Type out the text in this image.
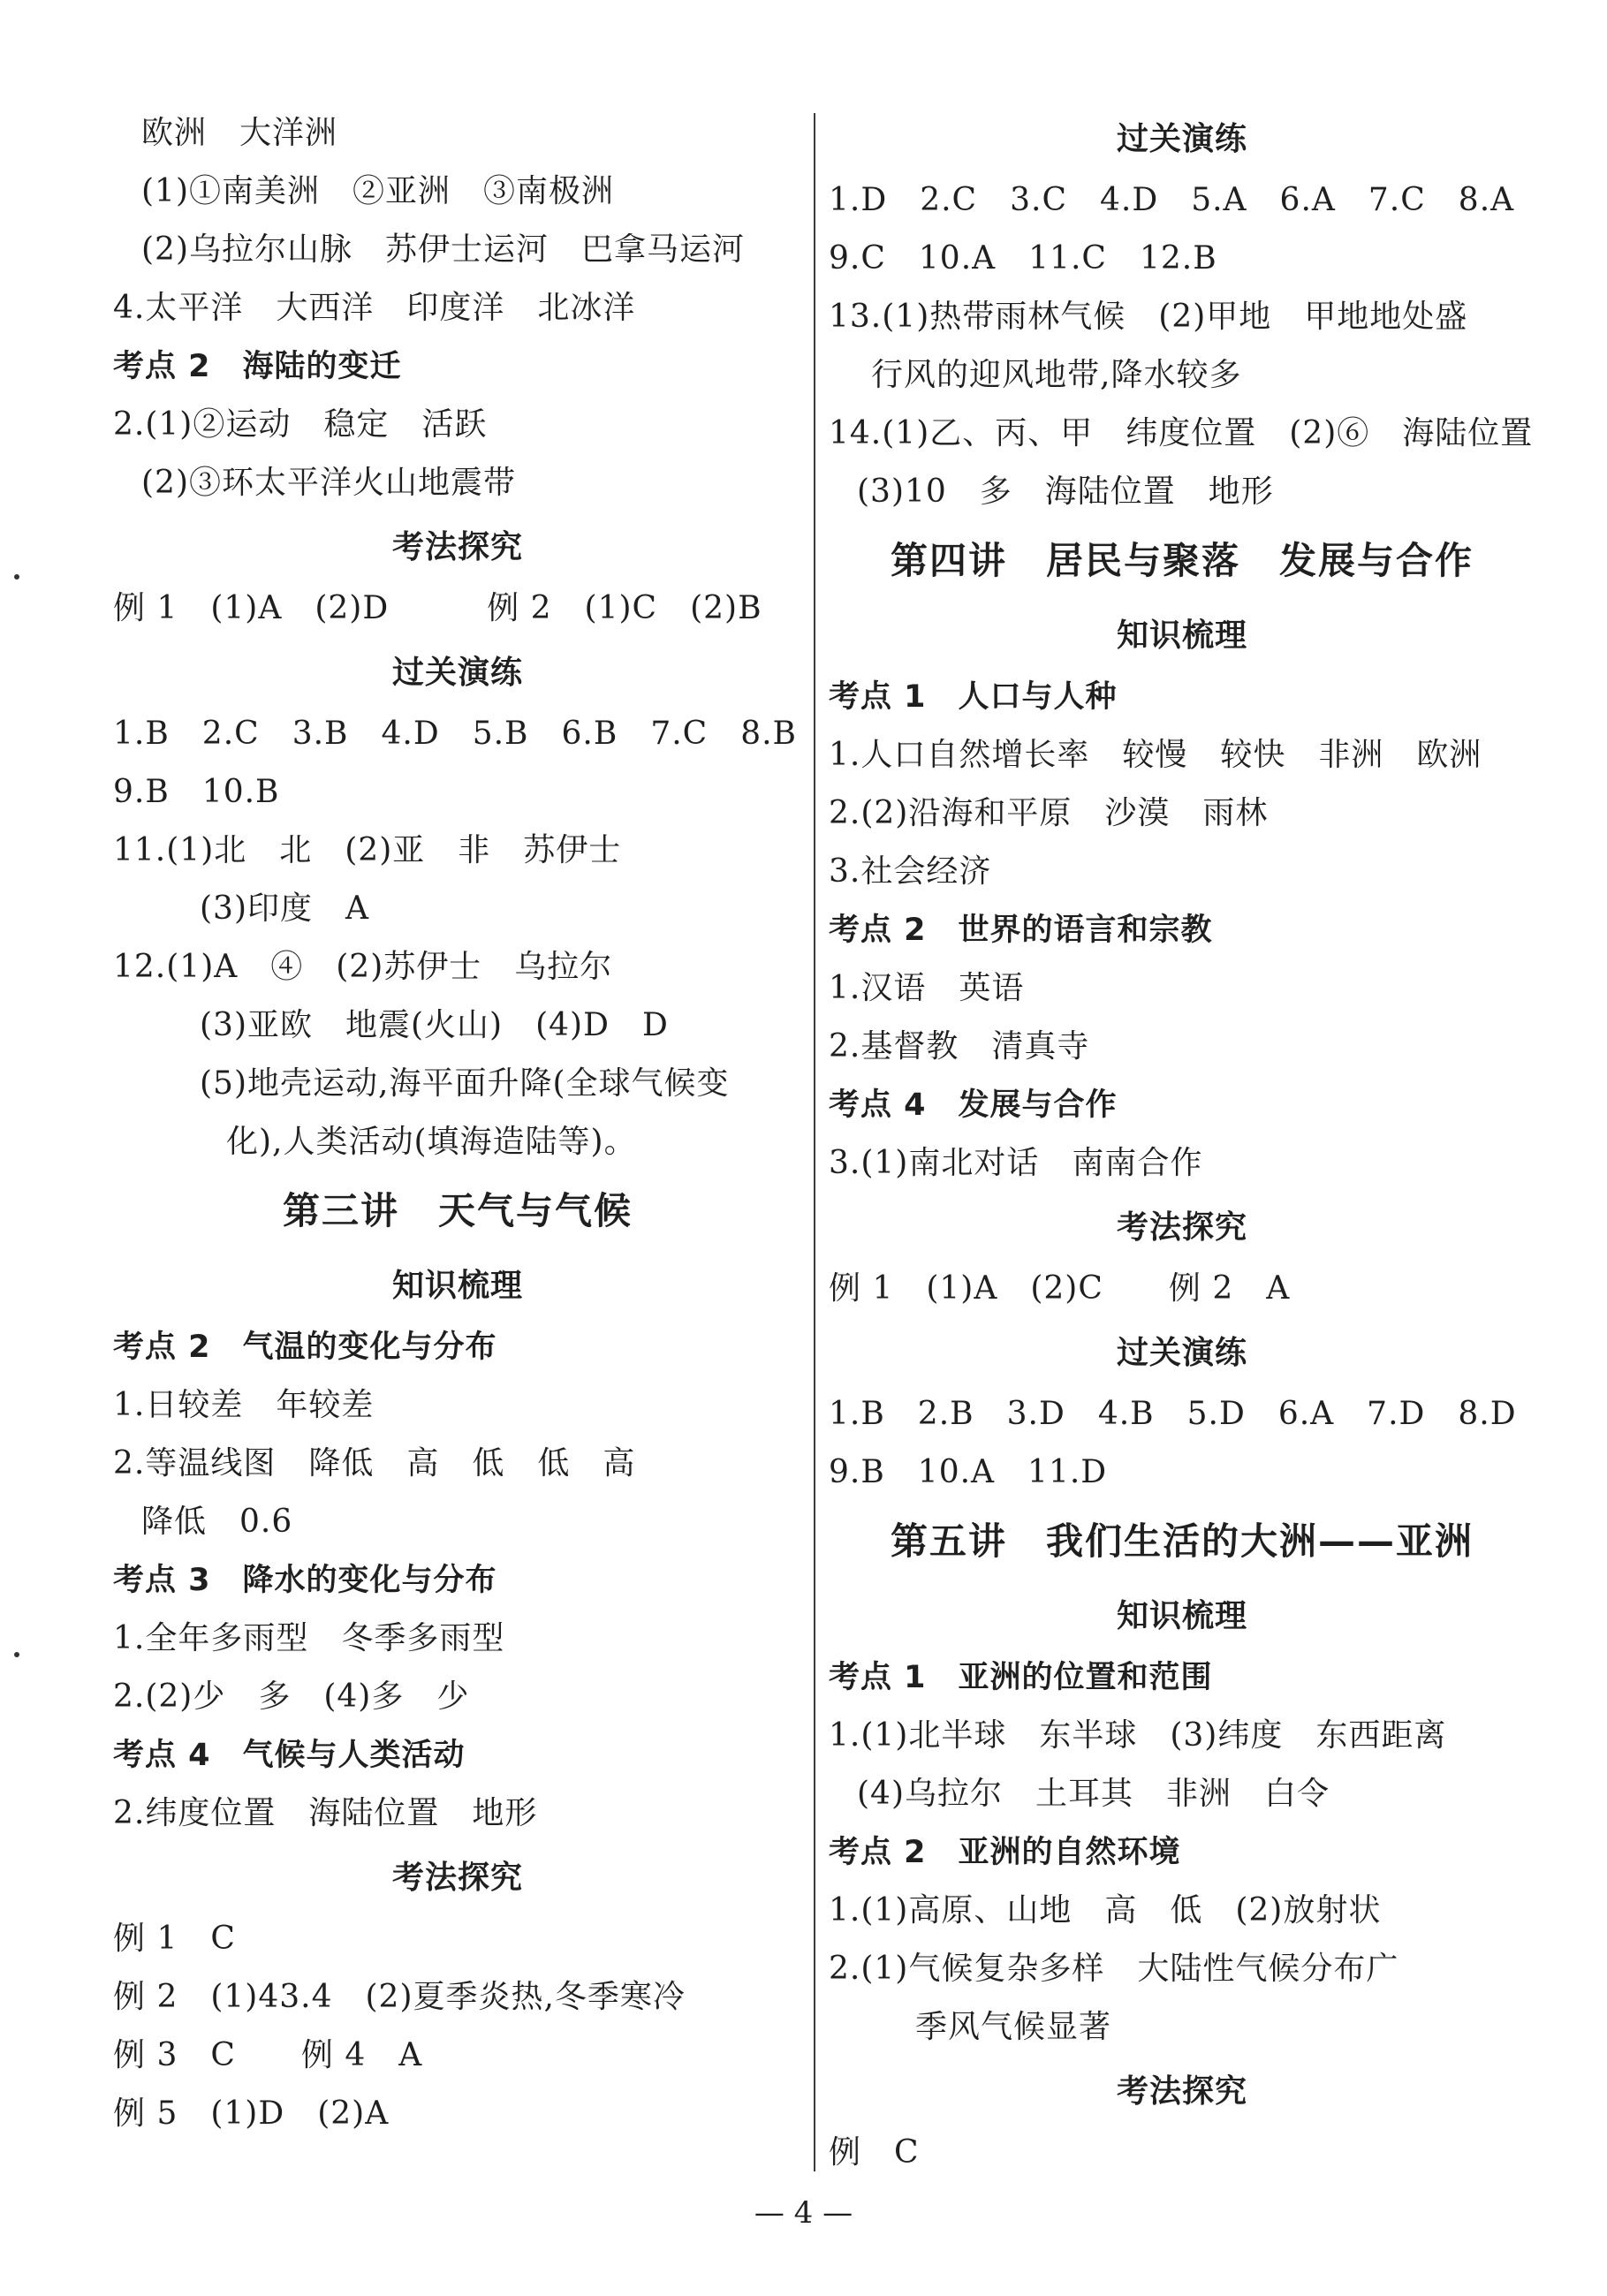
欧洲　大洋洲
(1)①南美洲　②亚洲　③南极洲
(2)乌拉尔山脉　苏伊士运河　巴拿马运河
4.太平洋　大西洋　印度洋　北冰洋
考点 2　海陆的变迁
2.(1)②运动　稳定　活跃
(2)③环太平洋火山地震带
考法探究
例 1　(1)A　(2)D　　　例 2　(1)C　(2)B
过关演练
1.B　2.C　3.B　4.D　5.B　6.B　7.C　8.B
9.B　10.B
11.(1)北　北　(2)亚　非　苏伊士
(3)印度　A
12.(1)A　④　(2)苏伊士　乌拉尔
(3)亚欧　地震(火山)　(4)D　D
(5)地壳运动,海平面升降(全球气候变
化),人类活动(填海造陆等)。
第三讲　天气与气候
知识梳理
考点 2　气温的变化与分布
1.日较差　年较差
2.等温线图　降低　高　低　低　高
降低　0.6
考点 3　降水的变化与分布
1.全年多雨型　冬季多雨型
2.(2)少　多　(4)多　少
考点 4　气候与人类活动
2.纬度位置　海陆位置　地形
考法探究
例 1　C
例 2　(1)43.4　(2)夏季炎热,冬季寒冷
例 3　C　　例 4　A
例 5　(1)D　(2)A
过关演练
1.D　2.C　3.C　4.D　5.A　6.A　7.C　8.A
9.C　10.A　11.C　12.B
13.(1)热带雨林气候　(2)甲地　甲地地处盛
行风的迎风地带,降水较多
14.(1)乙、丙、甲　纬度位置　(2)⑥　海陆位置
(3)10　多　海陆位置　地形
第四讲　居民与聚落　发展与合作
知识梳理
考点 1　人口与人种
1.人口自然增长率　较慢　较快　非洲　欧洲
2.(2)沿海和平原　沙漠　雨林
3.社会经济
考点 2　世界的语言和宗教
1.汉语　英语
2.基督教　清真寺
考点 4　发展与合作
3.(1)南北对话　南南合作
考法探究
例 1　(1)A　(2)C　　例 2　A
过关演练
1.B　2.B　3.D　4.B　5.D　6.A　7.D　8.D
9.B　10.A　11.D
第五讲　我们生活的大洲——亚洲
知识梳理
考点 1　亚洲的位置和范围
1.(1)北半球　东半球　(3)纬度　东西距离
(4)乌拉尔　土耳其　非洲　白令
考点 2　亚洲的自然环境
1.(1)高原、山地　高　低　(2)放射状
2.(1)气候复杂多样　大陆性气候分布广
季风气候显著
考法探究
例　C
— 4 —
